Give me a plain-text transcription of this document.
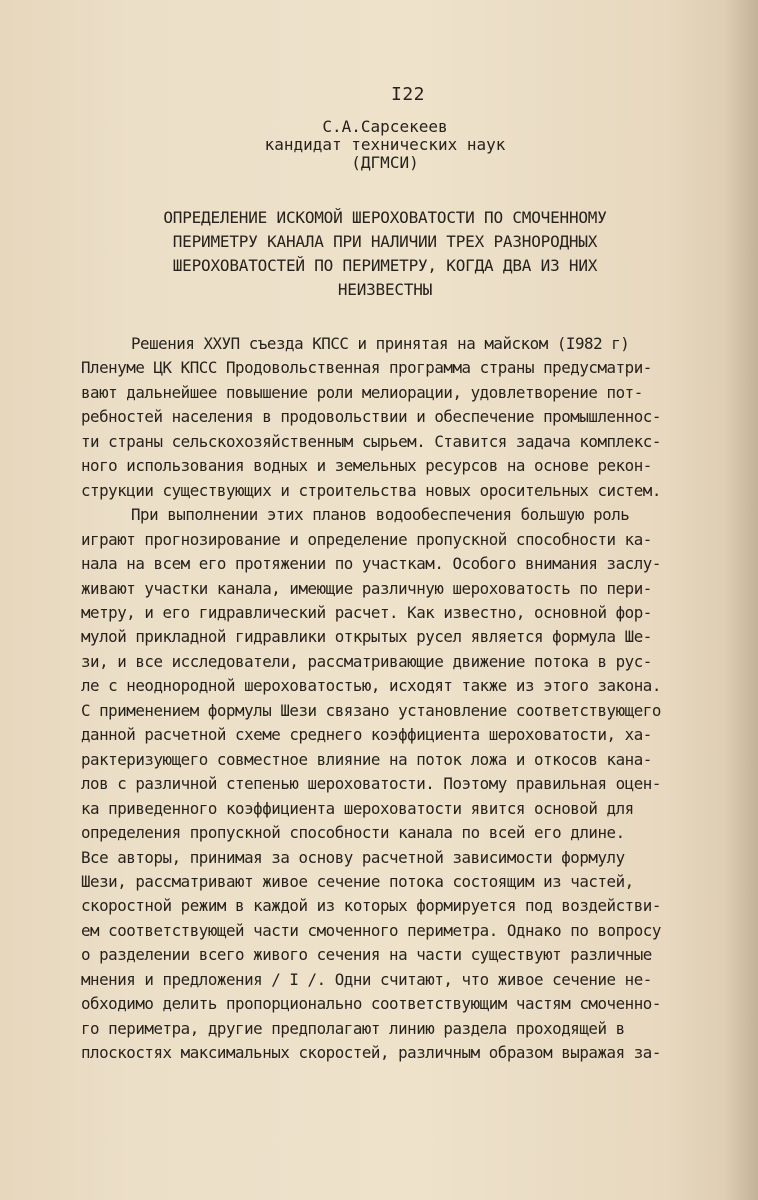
I22
С.А.Сарсекеев
кандидат технических наук
(ДГМСИ)
ОПРЕДЕЛЕНИЕ ИСКОМОЙ ШЕРОХОВАТОСТИ ПО СМОЧЕННОМУ
ПЕРИМЕТРУ КАНАЛА ПРИ НАЛИЧИИ ТРЕХ РАЗНОРОДНЫХ
ШЕРОХОВАТОСТЕЙ ПО ПЕРИМЕТРУ, КОГДА ДВА ИЗ НИХ
НЕИЗВЕСТНЫ
Решения ХХУП съезда КПСС и принятая на майском (I982 г)
Пленуме ЦК КПСС Продовольственная программа страны предусматри-
вают дальнейшее повышение роли мелиорации, удовлетворение пот-
ребностей населения в продовольствии и обеспечение промышленнос-
ти страны сельскохозяйственным сырьем. Ставится задача комплекс-
ного использования водных и земельных ресурсов на основе рекон-
струкции существующих и строительства новых оросительных систем.
При выполнении этих планов водообеспечения большую роль
играют прогнозирование и определение пропускной способности ка-
нала на всем его протяжении по участкам. Особого внимания заслу-
живают участки канала, имеющие различную шероховатость по пери-
метру, и его гидравлический расчет. Как известно, основной фор-
мулой прикладной гидравлики открытых русел является формула Ше-
зи, и все исследователи, рассматривающие движение потока в рус-
ле с неоднородной шероховатостью, исходят также из этого закона.
С применением формулы Шези связано установление соответствующего
данной расчетной схеме среднего коэффициента шероховатости, ха-
рактеризующего совместное влияние на поток ложа и откосов кана-
лов с различной степенью шероховатости. Поэтому правильная оцен-
ка приведенного коэффициента шероховатости явится основой для
определения пропускной способности канала по всей его длине.
Все авторы, принимая за основу расчетной зависимости формулу
Шези, рассматривают живое сечение потока состоящим из частей,
скоростной режим в каждой из которых формируется под воздействи-
ем соответствующей части смоченного периметра. Однако по вопросу
о разделении всего живого сечения на части существуют различные
мнения и предложения / I /. Одни считают, что живое сечение не-
обходимо делить пропорционально соответствующим частям смоченно-
го периметра, другие предполагают линию раздела проходящей в
плоскостях максимальных скоростей, различным образом выражая за-
